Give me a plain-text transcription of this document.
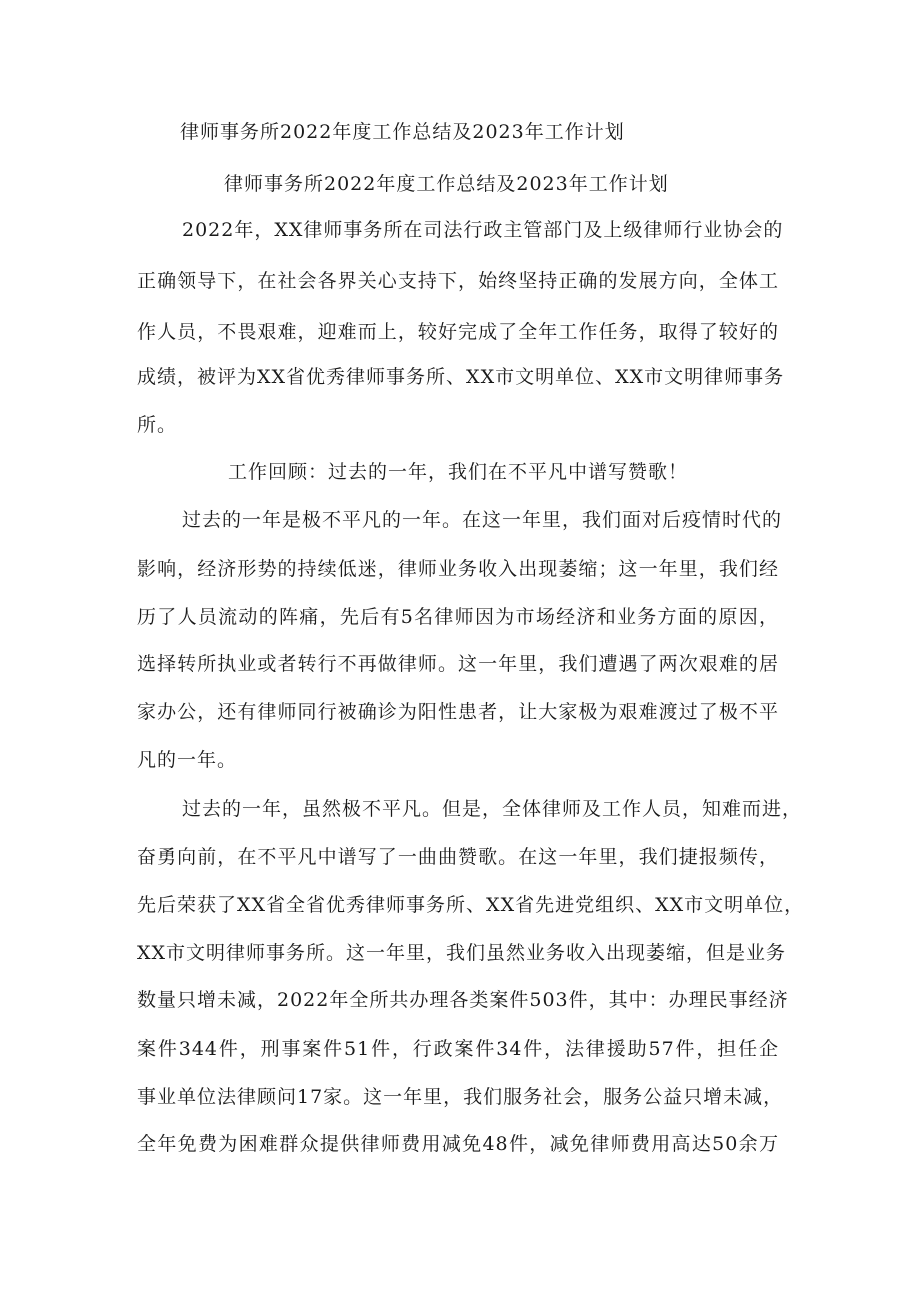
律师事务所2022年度工作总结及2023年工作计划
律师事务所2022年度工作总结及2023年工作计划
2022年，XX律师事务所在司法行政主管部门及上级律师行业协会的
正确领导下，在社会各界关心支持下，始终坚持正确的发展方向，全体工
作人员，不畏艰难，迎难而上，较好完成了全年工作任务，取得了较好的
成绩，被评为XX省优秀律师事务所、XX市文明单位、XX市文明律师事务
所。
工作回顾：过去的一年，我们在不平凡中谱写赞歌！
过去的一年是极不平凡的一年。在这一年里，我们面对后疫情时代的
影响，经济形势的持续低迷，律师业务收入出现萎缩；这一年里，我们经
历了人员流动的阵痛，先后有5名律师因为市场经济和业务方面的原因，
选择转所执业或者转行不再做律师。这一年里，我们遭遇了两次艰难的居
家办公，还有律师同行被确诊为阳性患者，让大家极为艰难渡过了极不平
凡的一年。
过去的一年，虽然极不平凡。但是，全体律师及工作人员，知难而进，
奋勇向前，在不平凡中谱写了一曲曲赞歌。在这一年里，我们捷报频传，
先后荣获了XX省全省优秀律师事务所、XX省先进党组织、XX市文明单位，
XX市文明律师事务所。这一年里，我们虽然业务收入出现萎缩，但是业务
数量只增未减，2022年全所共办理各类案件503件，其中：办理民事经济
案件344件，刑事案件51件，行政案件34件，法律援助57件，担任企
事业单位法律顾问17家。这一年里，我们服务社会，服务公益只增未减，
全年免费为困难群众提供律师费用减免48件，减免律师费用高达50余万
